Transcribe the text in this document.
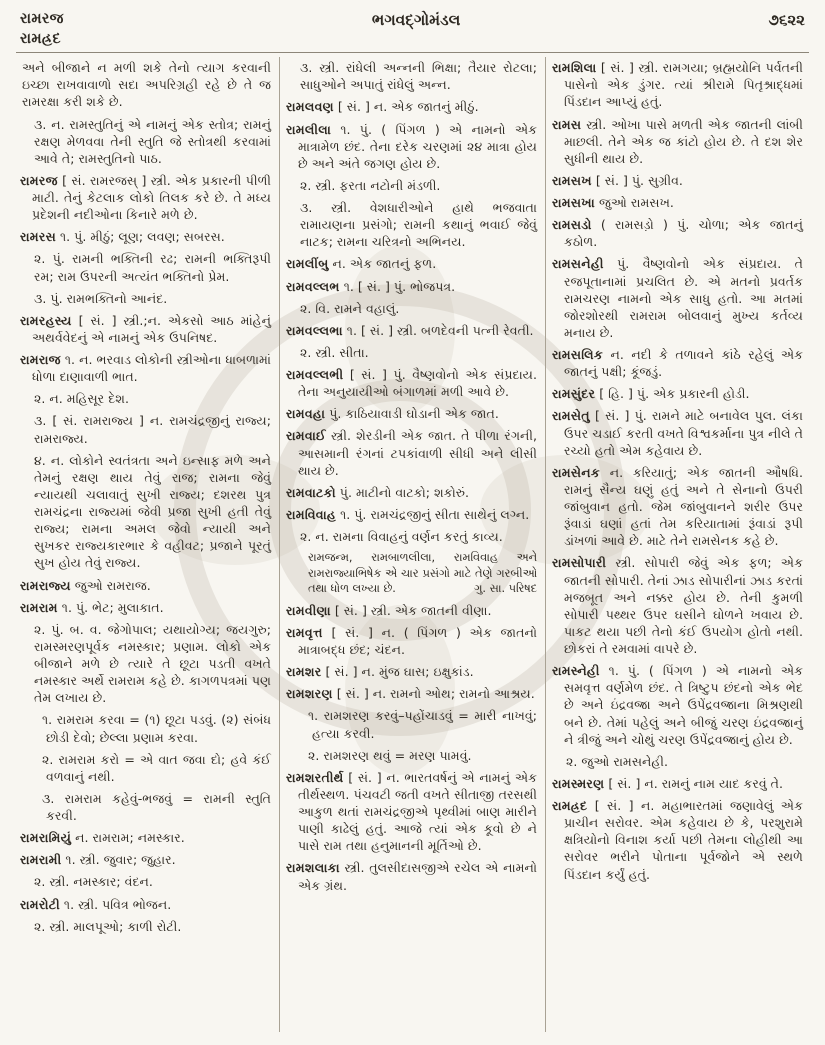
રામરજ
રામહ્રદ
ભગવદ્ગોમંડલ	૭૬૨૨

અને બીજાને ન મળી શકે તેનો ત્યાગ કરવાની ઇચ્છા રાખવાવાળો સદા અપરિગ્રહી રહે છે તે જ રામરક્ષા કરી શકે છે.

૩. ન. રામસ્તુતિનું એ નામનું એક સ્તોત્ર; રામનું રક્ષણ મેળવવા તેની સ્તુતિ જે સ્તોત્રથી કરવામાં આવે તે; રામસ્તુતિનો પાઠ.

રામરજ [ સં. રામરજસ્ ] સ્ત્રી. એક પ્રકારની પીળી માટી. તેનું કેટલાક લોકો તિલક કરે છે. તે મધ્ય પ્રદેશની નદીઓના કિનારે મળે છે.

રામરસ ૧. પું. મીઠું; લૂણ; લવણ; સબરસ.

૨. પું. રામની ભક્તિની રઢ; રામની ભક્તિરૂપી રમ; રામ ઉપરની અત્યંત ભક્તિનો પ્રેમ.

૩. પું. રામભક્તિનો આનંદ.

રામરહસ્ય [ સં. ] સ્ત્રી.;ન. એકસો આઠ માંહેનું અથર્વવેદનું એ નામનું એક ઉપનિષદ.

રામરાજ ૧. ન. ભરવાડ લોકોની સ્ત્રીઓના ધાબળામાં ધોળા દાણાવાળી ભાત.

૨. ન. મહિસૂર દેશ.

૩. [ સં. રામરાજ્ય ] ન. રામચંદ્રજીનું રાજ્ય; રામરાજ્ય.

૪. ન. લોકોને સ્વતંત્રતા અને ઇન્સાફ મળે અને તેમનું રક્ષણ થાય તેવું રાજ; રામના જેવું ન્યાયથી ચલાવાતું સુખી રાજ્ય; દશરથ પુત્ર રામચંદ્રના રાજ્યમાં જેવી પ્રજા સુખી હતી તેવું રાજ્ય; રામના અમલ જેવો ન્યાયી અને સુખકર રાજ્યકારભાર કે વહીવટ; પ્રજાને પૂરતું સુખ હોય તેવું રાજ્ય.

રામરાજ્ય જુઓ રામરાજ.

રામરામ ૧. પું. ભેટ; મુલાકાત.

૨. પું. બ. વ. જેગોપાલ; યથાયોગ્ય; જયગુરુ; રામસ્મરણપૂર્વક નમસ્કાર; પ્રણામ. લોકો એક બીજાને મળે છે ત્યારે તે છૂટા પડતી વખતે નમસ્કાર અર્થે રામરામ કહે છે. કાગળપત્રમાં પણ તેમ લખાય છે.

૧. રામરામ કરવા = (૧) છૂટા પડવું. (૨) સંબંધ છોડી દેવો; છેલ્લા પ્રણામ કરવા.

૨. રામરામ કરો = એ વાત જવા દો; હવે કંઈ વળવાનું નથી.

૩. રામરામ કહેવું-ભજવું = રામની સ્તુતિ કરવી.

રામરામિયું ન. રામરામ; નમસ્કાર.

રામરામી ૧. સ્ત્રી. જુવાર; જુહાર.

૨. સ્ત્રી. નમસ્કાર; વંદન.

રામરોટી ૧. સ્ત્રી. પવિત્ર ભોજન.

૨. સ્ત્રી. માલપૂઓ; કાળી રોટી.

૩. સ્ત્રી. રાંધેલી અન્નની ભિક્ષા; તૈયાર રોટલા; સાધુઓને અપાતું રાંધેલું અન્ન.

રામલવણ [ સં. ] ન. એક જાતનું મીઠું.

રામલીલા ૧. પું. ( પિંગળ ) એ નામનો એક માત્રામેળ છંદ. તેના દરેક ચરણમાં ૨૪ માત્રા હોય છે અને અંતે જગણ હોય છે.

૨. સ્ત્રી. ફરતા નટોની મંડળી.

૩. સ્ત્રી. વેશધારીઓને હાથે ભજવાતા રામાયણના પ્રસંગો; રામની કથાનું ભવાઈ જેવું નાટક; રામના ચરિત્રનો અભિનય.

રામલીંબુ ન. એક જાતનું ફળ.

રામવલ્લભ ૧. [ સં. ] પું. ભોજપત્ર.

૨. વિ. રામને વહાલું.

રામવલ્લભા ૧. [ સં. ] સ્ત્રી. બળદેવની પત્ની રેવતી.

૨. સ્ત્રી. સીતા.

રામવલ્લભી [ સં. ] પું. વૈષ્ણવોનો એક સંપ્રદાય. તેના અનુયાયીઓ બંગાળમાં મળી આવે છે.

રામવહા પું. કાઠિયાવાડી ઘોડાની એક જાત.

રામવાઈ સ્ત્રી. શેરડીની એક જાત. તે પીળા રંગની, આસમાની રંગનાં ટપકાંવાળી સીધી અને લીસી થાય છે.

રામવાટકો પું. માટીનો વાટકો; શકોરું.

રામવિવાહ ૧. પું. રામચંદ્રજીનું સીતા સાથેનું લગ્ન.

૨. ન. રામના વિવાહનું વર્ણન કરતું કાવ્ય.

રામજન્મ, રામબાળલીલા, રામવિવાહ અને રામરાજ્યાભિષેક એ ચાર પ્રસંગો માટે તેણે ગરબીઓ તથા ધોળ લખ્યા છે.	ગુ. સા. પરિષદ

રામવીણા [ સં. ] સ્ત્રી. એક જાતની વીણા.

રામવૃત્ત [ સં. ] ન. ( પિંગળ ) એક જાતનો માત્રાબદ્ધ છંદ; ચંદન.

રામશર [ સં. ] ન. મુંજ ઘાસ; ઇક્ષુકાંડ.

રામશરણ [ સં. ] ન. રામનો ઓથ; રામનો આશ્રય.

૧. રામશરણ કરવું–પહોંચાડવું = મારી નાખવું; હત્યા કરવી.

૨. રામશરણ થવું = મરણ પામવું.

રામશરતીર્થ [ સં. ] ન. ભારતવર્ષનું એ નામનું એક તીર્થસ્થળ. પંચવટી જતી વખતે સીતાજી તરસથી આકુળ થતાં રામચંદ્રજીએ પૃથ્વીમાં બાણ મારીને પાણી કાઢેલું હતું. આજે ત્યાં એક કૂવો છે ને પાસે રામ તથા હનુમાનની મૂર્તિઓ છે.

રામશલાકા સ્ત્રી. તુલસીદાસજીએ રચેલ એ નામનો એક ગ્રંથ.

રામશિલા [ સં. ] સ્ત્રી. રામગયા; બ્રહ્મયોનિ પર્વતની પાસેનો એક ડુંગર. ત્યાં શ્રીરામે પિતૃશ્રાદ્ધમાં પિંડદાન આપ્યું હતું.

રામસ સ્ત્રી. ઓખા પાસે મળતી એક જાતની લાંબી માછલી. તેને એક જ કાંટો હોય છે. તે દશ શેર સુધીની થાય છે.

રામસખ [ સં. ] પું. સુગ્રીવ.

રામસખા જુઓ રામસખ.

રામસડો ( રામસડ઼ો ) પું. ચોળા; એક જાતનું કઠોળ.

રામસનેહી પું. વૈષ્ણવોનો એક સંપ્રદાય. તે રજપૂતાનામાં પ્રચલિત છે. એ મતનો પ્રવર્તક રામચરણ નામનો એક સાધુ હતો. આ મતમાં જોરશોરથી રામરામ બોલવાનું મુખ્ય કર્તવ્ય મનાય છે.

રામસલિક ન. નદી કે તળાવને કાંઠે રહેલું એક જાતનું પક્ષી; કૂંજડું.

રામસુંદર [ હિ. ] પું. એક પ્રકારની હોડી.

રામસેતુ [ સં. ] પું. રામને માટે બનાવેલ પુલ. લંકા ઉપર ચડાઈ કરતી વખતે વિશ્વકર્માના પુત્ર નીલે તે રચ્યો હતો એમ કહેવાય છે.

રામસેનક ન. કરિયાતું; એક જાતની ઔષધિ. રામનું સૈન્ય ઘણું હતું અને તે સેનાનો ઉપરી જાંબુવાન હતો. જેમ જાંબુવાનને શરીર ઉપર રૂંવાડાં ઘણાં હતાં તેમ કરિયાતામાં રૂંવાડાં રૂપી ડાંખળાં આવે છે. માટે તેને રામસેનક કહે છે.

રામસોપારી સ્ત્રી. સોપારી જેવું એક ફળ; એક જાતની સોપારી. તેનાં ઝાડ સોપારીનાં ઝાડ કરતાં મજબૂત અને નક્કર હોય છે. તેની કુમળી સોપારી પથ્થર ઉપર ઘસીને ઘોળને ખવાય છે. પાકટ થયા પછી તેનો કંઈ ઉપયોગ હોતો નથી. છોકરાં તે રમવામાં વાપરે છે.

રામસ્નેહી ૧. પું. ( પિંગળ ) એ નામનો એક સમવૃત્ત વર્ણમેળ છંદ. તે ત્રિષ્ટુપ છંદનો એક ભેદ છે અને ઇંદ્રવજ્રા અને ઉપેંદ્રવજ્રાના મિશ્રણથી બને છે. તેમાં પહેલું અને બીજું ચરણ ઇંદ્રવજ્રાનું ને ત્રીજું અને ચોથું ચરણ ઉપેંદ્રવજ્રાનું હોય છે.

૨. જુઓ રામસનેહી.

રામસ્મરણ [ સં. ] ન. રામનું નામ યાદ કરવું તે.

રામહ્રદ [ સં. ] ન. મહાભારતમાં જણાવેલું એક પ્રાચીન સરોવર. એમ કહેવાય છે કે, પરશુરામે ક્ષત્રિયોનો વિનાશ કર્યા પછી તેમના લોહીથી આ સરોવર ભરીને પોતાના પૂર્વજોને એ સ્થળે પિંડદાન કર્યું હતું.
